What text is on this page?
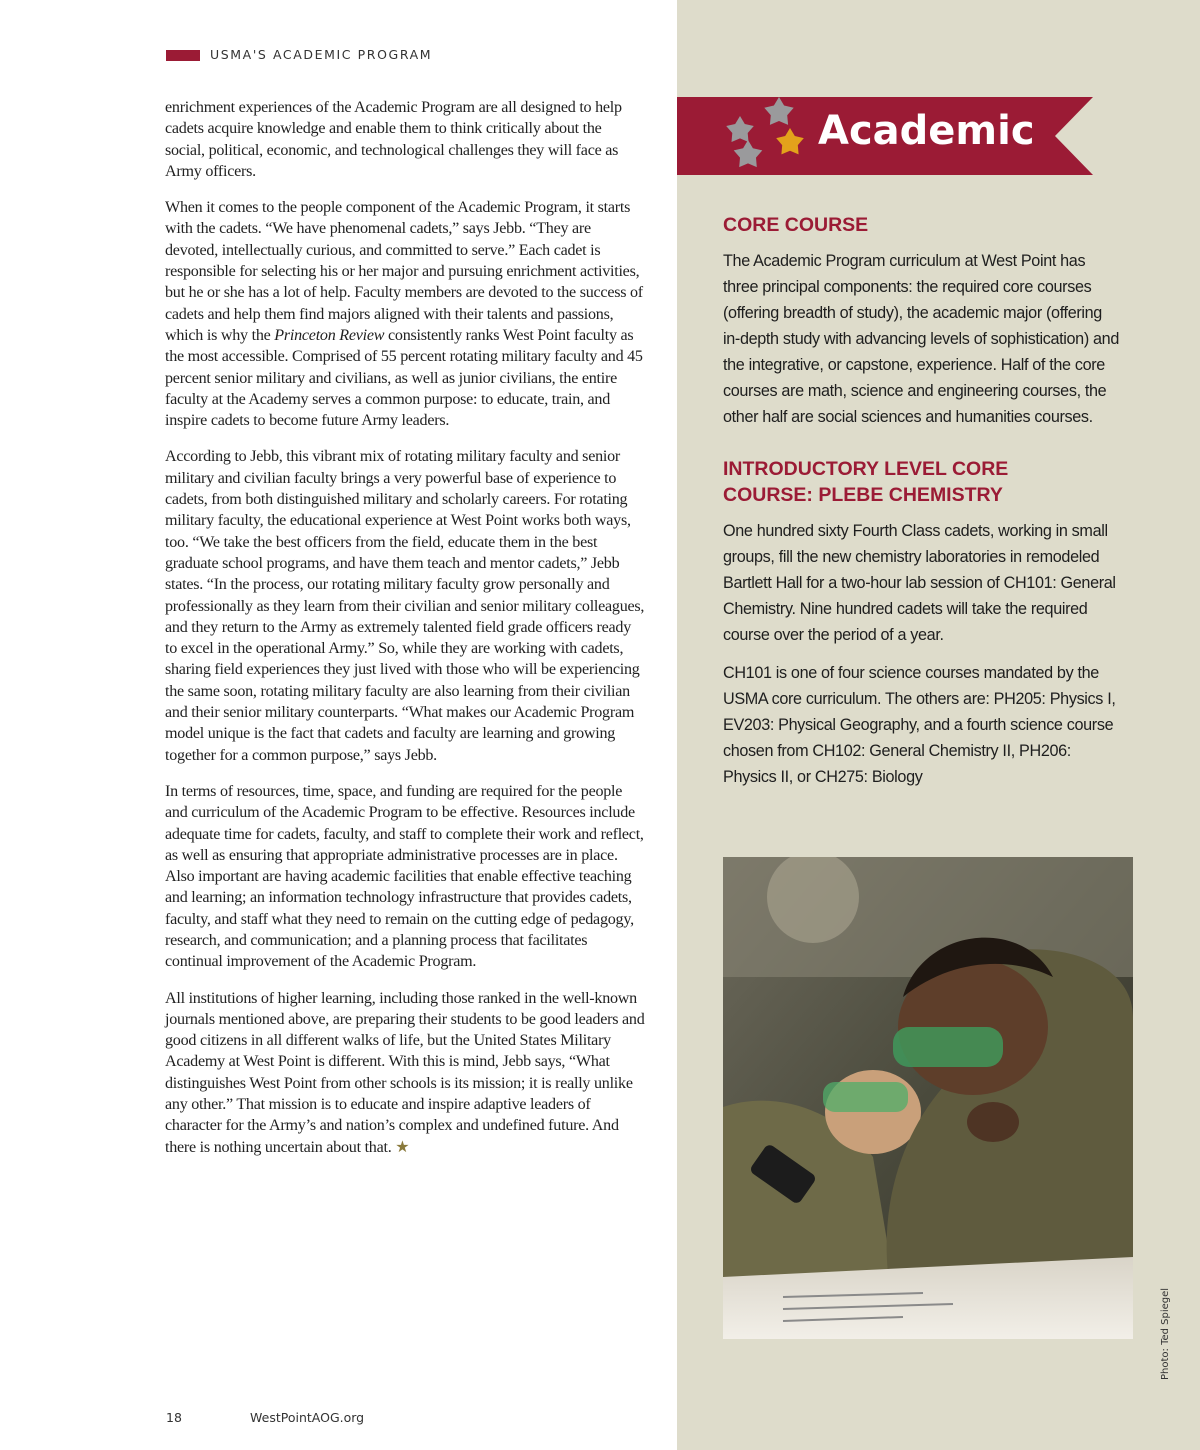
USMA'S ACADEMIC PROGRAM

enrichment experiences of the Academic Program are all designed to help cadets acquire knowledge and enable them to think critically about the social, political, economic, and technological challenges they will face as Army officers.

When it comes to the people component of the Academic Program, it starts with the cadets. “We have phenomenal cadets,” says Jebb. “They are devoted, intellectually curious, and committed to serve.” Each cadet is responsible for selecting his or her major and pursuing enrichment activities, but he or she has a lot of help. Faculty members are devoted to the success of cadets and help them find majors aligned with their talents and passions, which is why the Princeton Review consistently ranks West Point faculty as the most accessible. Comprised of 55 percent rotating military faculty and 45 percent senior military and civilians, as well as junior civilians, the entire faculty at the Academy serves a common purpose: to educate, train, and inspire cadets to become future Army leaders.

According to Jebb, this vibrant mix of rotating military faculty and senior military and civilian faculty brings a very powerful base of experience to cadets, from both distinguished military and scholarly careers. For rotating military faculty, the educational experience at West Point works both ways, too. “We take the best officers from the field, educate them in the best graduate school programs, and have them teach and mentor cadets,” Jebb states. “In the process, our rotating military faculty grow personally and professionally as they learn from their civilian and senior military colleagues, and they return to the Army as extremely talented field grade officers ready to excel in the operational Army.” So, while they are working with cadets, sharing field experiences they just lived with those who will be experiencing the same soon, rotating military faculty are also learning from their civilian and their senior military counterparts. “What makes our Academic Program model unique is the fact that cadets and faculty are learning and growing together for a common purpose,” says Jebb.

In terms of resources, time, space, and funding are required for the people and curriculum of the Academic Program to be effective. Resources include adequate time for cadets, faculty, and staff to complete their work and reflect, as well as ensuring that appropriate administrative processes are in place. Also important are having academic facilities that enable effective teaching and learning; an information technology infrastructure that provides cadets, faculty, and staff what they need to remain on the cutting edge of pedagogy, research, and communication; and a planning process that facilitates continual improvement of the Academic Program.

All institutions of higher learning, including those ranked in the well-known journals mentioned above, are preparing their students to be good leaders and good citizens in all different walks of life, but the United States Military Academy at West Point is different. With this is mind, Jebb says, “What distinguishes West Point from other schools is its mission; it is really unlike any other.” That mission is to educate and inspire adaptive leaders of character for the Army’s and nation’s complex and undefined future. And there is nothing uncertain about that. ★

18	WestPointAOG.org
Academic
CORE COURSE

The Academic Program curriculum at West Point has three principal components: the required core courses (offering breadth of study), the academic major (offering in-depth study with advancing levels of sophistication) and the integrative, or capstone, experience. Half of the core courses are math, science and engineering courses, the other half are social sciences and humanities courses.

INTRODUCTORY LEVEL CORE COURSE: PLEBE CHEMISTRY

One hundred sixty Fourth Class cadets, working in small groups, fill the new chemistry laboratories in remodeled Bartlett Hall for a two-hour lab session of CH101: General Chemistry. Nine hundred cadets will take the required course over the period of a year.

CH101 is one of four science courses mandated by the USMA core curriculum. The others are: PH205: Physics I, EV203: Physical Geography, and a fourth science course chosen from CH102: General Chemistry II, PH206: Physics II, or CH275: Biology

Photo: Ted Spiegel
